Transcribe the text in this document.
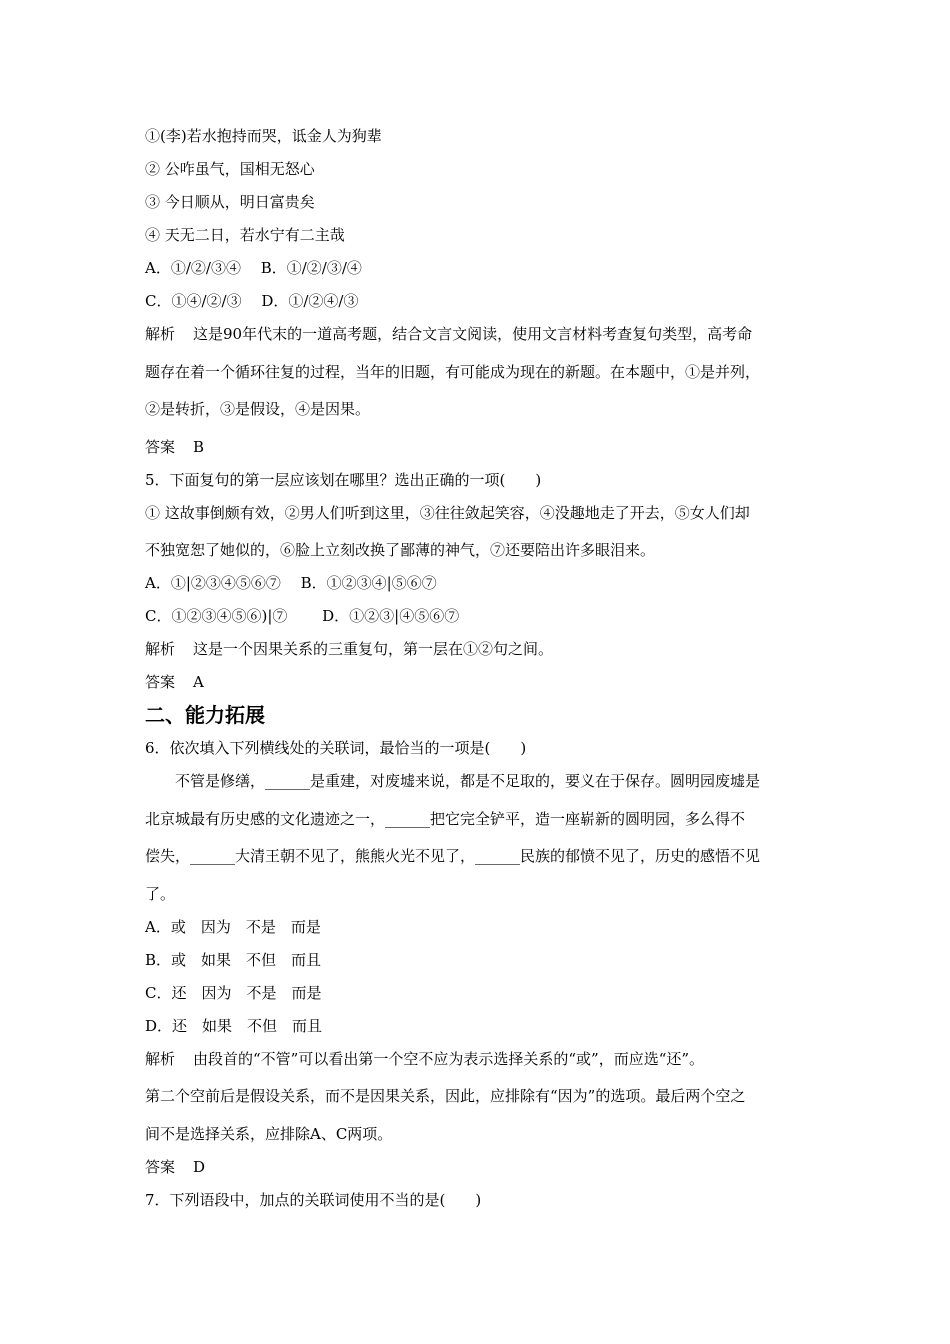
①(李)若水抱持而哭，诋金人为狗辈
② 公咋虽气，国相无怒心
③ 今日顺从，明日富贵矣
④ 天无二日，若水宁有二主哉
A．①/②/③④　 B．①/②/③/④
C．①④/②/③　 D．①/②④/③
解析 这是90年代末的一道高考题，结合文言文阅读，使用文言材料考查复句类型，高考命
题存在着一个循环往复的过程，当年的旧题，有可能成为现在的新题。在本题中，①是并列，
②是转折，③是假设，④是因果。
答案 B
5．下面复句的第一层应该划在哪里？选出正确的一项(　　)
① 这故事倒颇有效，②男人们听到这里，③往往敛起笑容，④没趣地走了开去，⑤女人们却
不独宽恕了她似的，⑥脸上立刻改换了鄙薄的神气，⑦还要陪出许多眼泪来。
A．①|②③④⑤⑥⑦　 B．①②③④|⑤⑥⑦
C．①②③④⑤⑥)|⑦　　 D．①②③|④⑤⑥⑦
解析 这是一个因果关系的三重复句，第一层在①②句之间。
答案 A
二、能力拓展
6．依次填入下列横线处的关联词，最恰当的一项是(　　)
不管是修缮，______是重建，对废墟来说，都是不足取的，要义在于保存。圆明园废墟是
北京城最有历史感的文化遗迹之一，______把它完全铲平，造一座崭新的圆明园，多么得不
偿失，______大清王朝不见了，熊熊火光不见了，______民族的郁愤不见了，历史的感悟不见
了。
A．或　因为　不是　而是
B．或　如果　不但　而且
C．还　因为　不是　而是
D．还　如果　不但　而且
解析 由段首的“不管”可以看出第一个空不应为表示选择关系的“或”，而应选“还”。
第二个空前后是假设关系，而不是因果关系，因此，应排除有“因为”的选项。最后两个空之
间不是选择关系，应排除A、C两项。
答案 D
7．下列语段中，加点的关联词使用不当的是(　　)
